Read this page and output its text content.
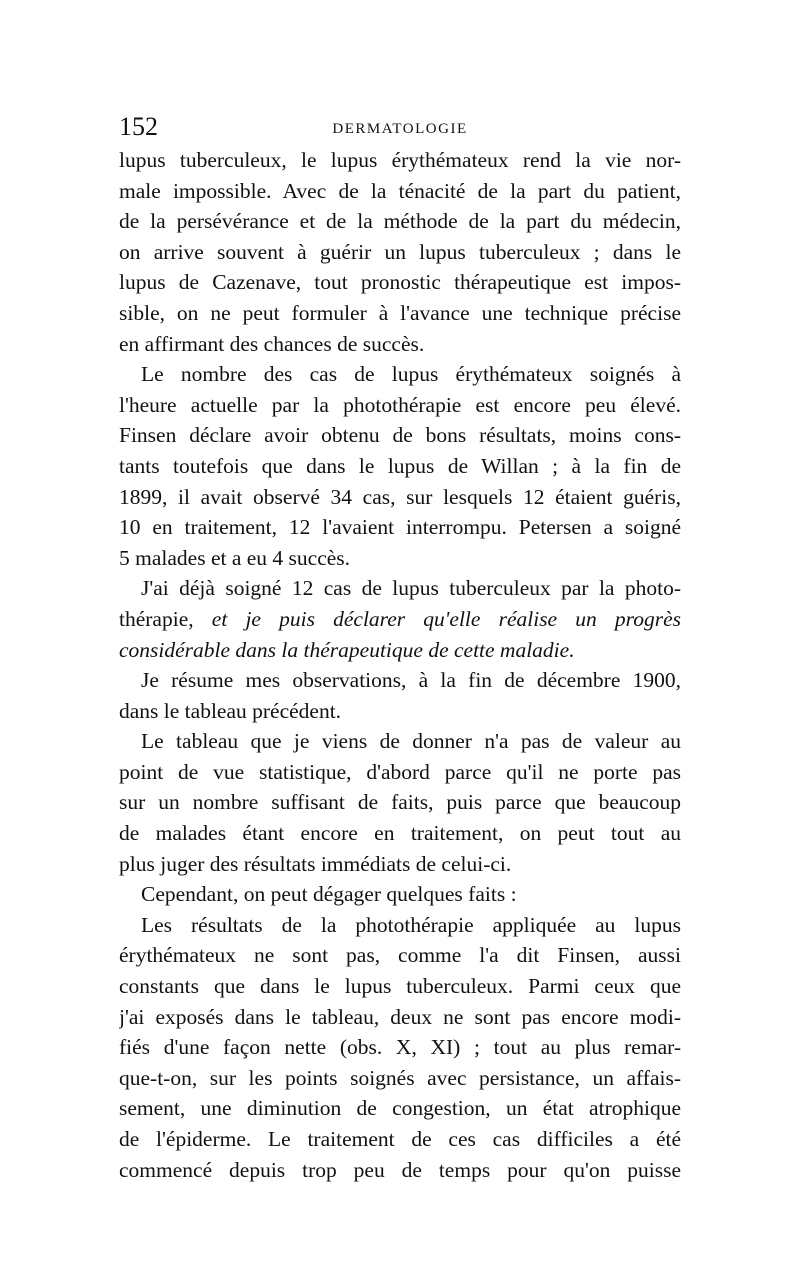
152	DERMATOLOGIE
lupus tuberculeux, le lupus érythémateux rend la vie nor-
male impossible. Avec de la ténacité de la part du patient,
de la persévérance et de la méthode de la part du médecin,
on arrive souvent à guérir un lupus tuberculeux ; dans le
lupus de Cazenave, tout pronostic thérapeutique est impos-
sible, on ne peut formuler à l'avance une technique précise
en affirmant des chances de succès.
Le nombre des cas de lupus érythémateux soignés à
l'heure actuelle par la photothérapie est encore peu élevé.
Finsen déclare avoir obtenu de bons résultats, moins cons-
tants toutefois que dans le lupus de Willan ; à la fin de
1899, il avait observé 34 cas, sur lesquels 12 étaient guéris,
10 en traitement, 12 l'avaient interrompu. Petersen a soigné
5 malades et a eu 4 succès.
J'ai déjà soigné 12 cas de lupus tuberculeux par la photo-
thérapie, et je puis déclarer qu'elle réalise un progrès
considérable dans la thérapeutique de cette maladie.
Je résume mes observations, à la fin de décembre 1900,
dans le tableau précédent.
Le tableau que je viens de donner n'a pas de valeur au
point de vue statistique, d'abord parce qu'il ne porte pas
sur un nombre suffisant de faits, puis parce que beaucoup
de malades étant encore en traitement, on peut tout au
plus juger des résultats immédiats de celui-ci.
Cependant, on peut dégager quelques faits :
Les résultats de la photothérapie appliquée au lupus
érythémateux ne sont pas, comme l'a dit Finsen, aussi
constants que dans le lupus tuberculeux. Parmi ceux que
j'ai exposés dans le tableau, deux ne sont pas encore modi-
fiés d'une façon nette (obs. X, XI) ; tout au plus remar-
que-t-on, sur les points soignés avec persistance, un affais-
sement, une diminution de congestion, un état atrophique
de l'épiderme. Le traitement de ces cas difficiles a été
commencé depuis trop peu de temps pour qu'on puisse
